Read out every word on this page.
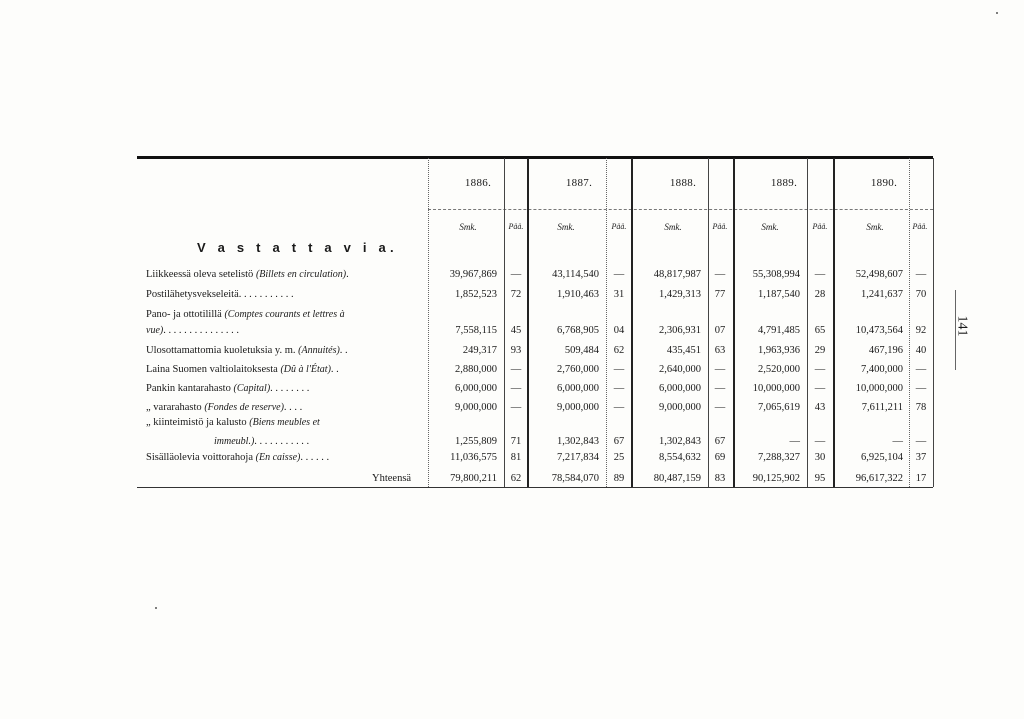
1886.	1887.	1888.	1889.	1890.
Smk.	Pää.	Smk.	Pää.	Smk.	Pää.	Smk.	Pää.	Smk.	Pää.
V a s t a t t a v i a.
Liikkeessä oleva setelistö (Billets en circulation).	39,967,869	—	43,114,540	—	48,817,987	—	55,308,994	—	52,498,607	—
Postilähetysvekseleitä...........	1,852,523	72	1,910,463	31	1,429,313	77	1,187,540	28	1,241,637	70
Pano- ja ottotilillä (Comptes courants et lettres à
vue)...............	7,558,115	45	6,768,905	04	2,306,931	07	4,791,485	65	10,473,564	92
Ulosottamattomia kuoletuksia y. m. (Annuités)..	249,317	93	509,484	62	435,451	63	1,963,936	29	467,196	40
Laina Suomen valtiolaitoksesta (Dû à l'État)..	2,880,000	—	2,760,000	—	2,640,000	—	2,520,000	—	7,400,000	—
Pankin kantarahasto (Capital)........	6,000,000	—	6,000,000	—	6,000,000	—	10,000,000	—	10,000,000	—
„ vararahasto (Fondes de reserve)....	9,000,000	—	9,000,000	—	9,000,000	—	7,065,619	43	7,611,211	78
„ kiinteimistö ja kalusto (Biens meubles et
immeubl.)...........	1,255,809	71	1,302,843	67	1,302,843	67	—	—	—	—
Sisälläolevia voittorahoja (En caisse)......	11,036,575	81	7,217,834	25	8,554,632	69	7,288,327	30	6,925,104	37
Yhteensä	79,800,211	62	78,584,070	89	80,487,159	83	90,125,902	95	96,617,322	17
141
